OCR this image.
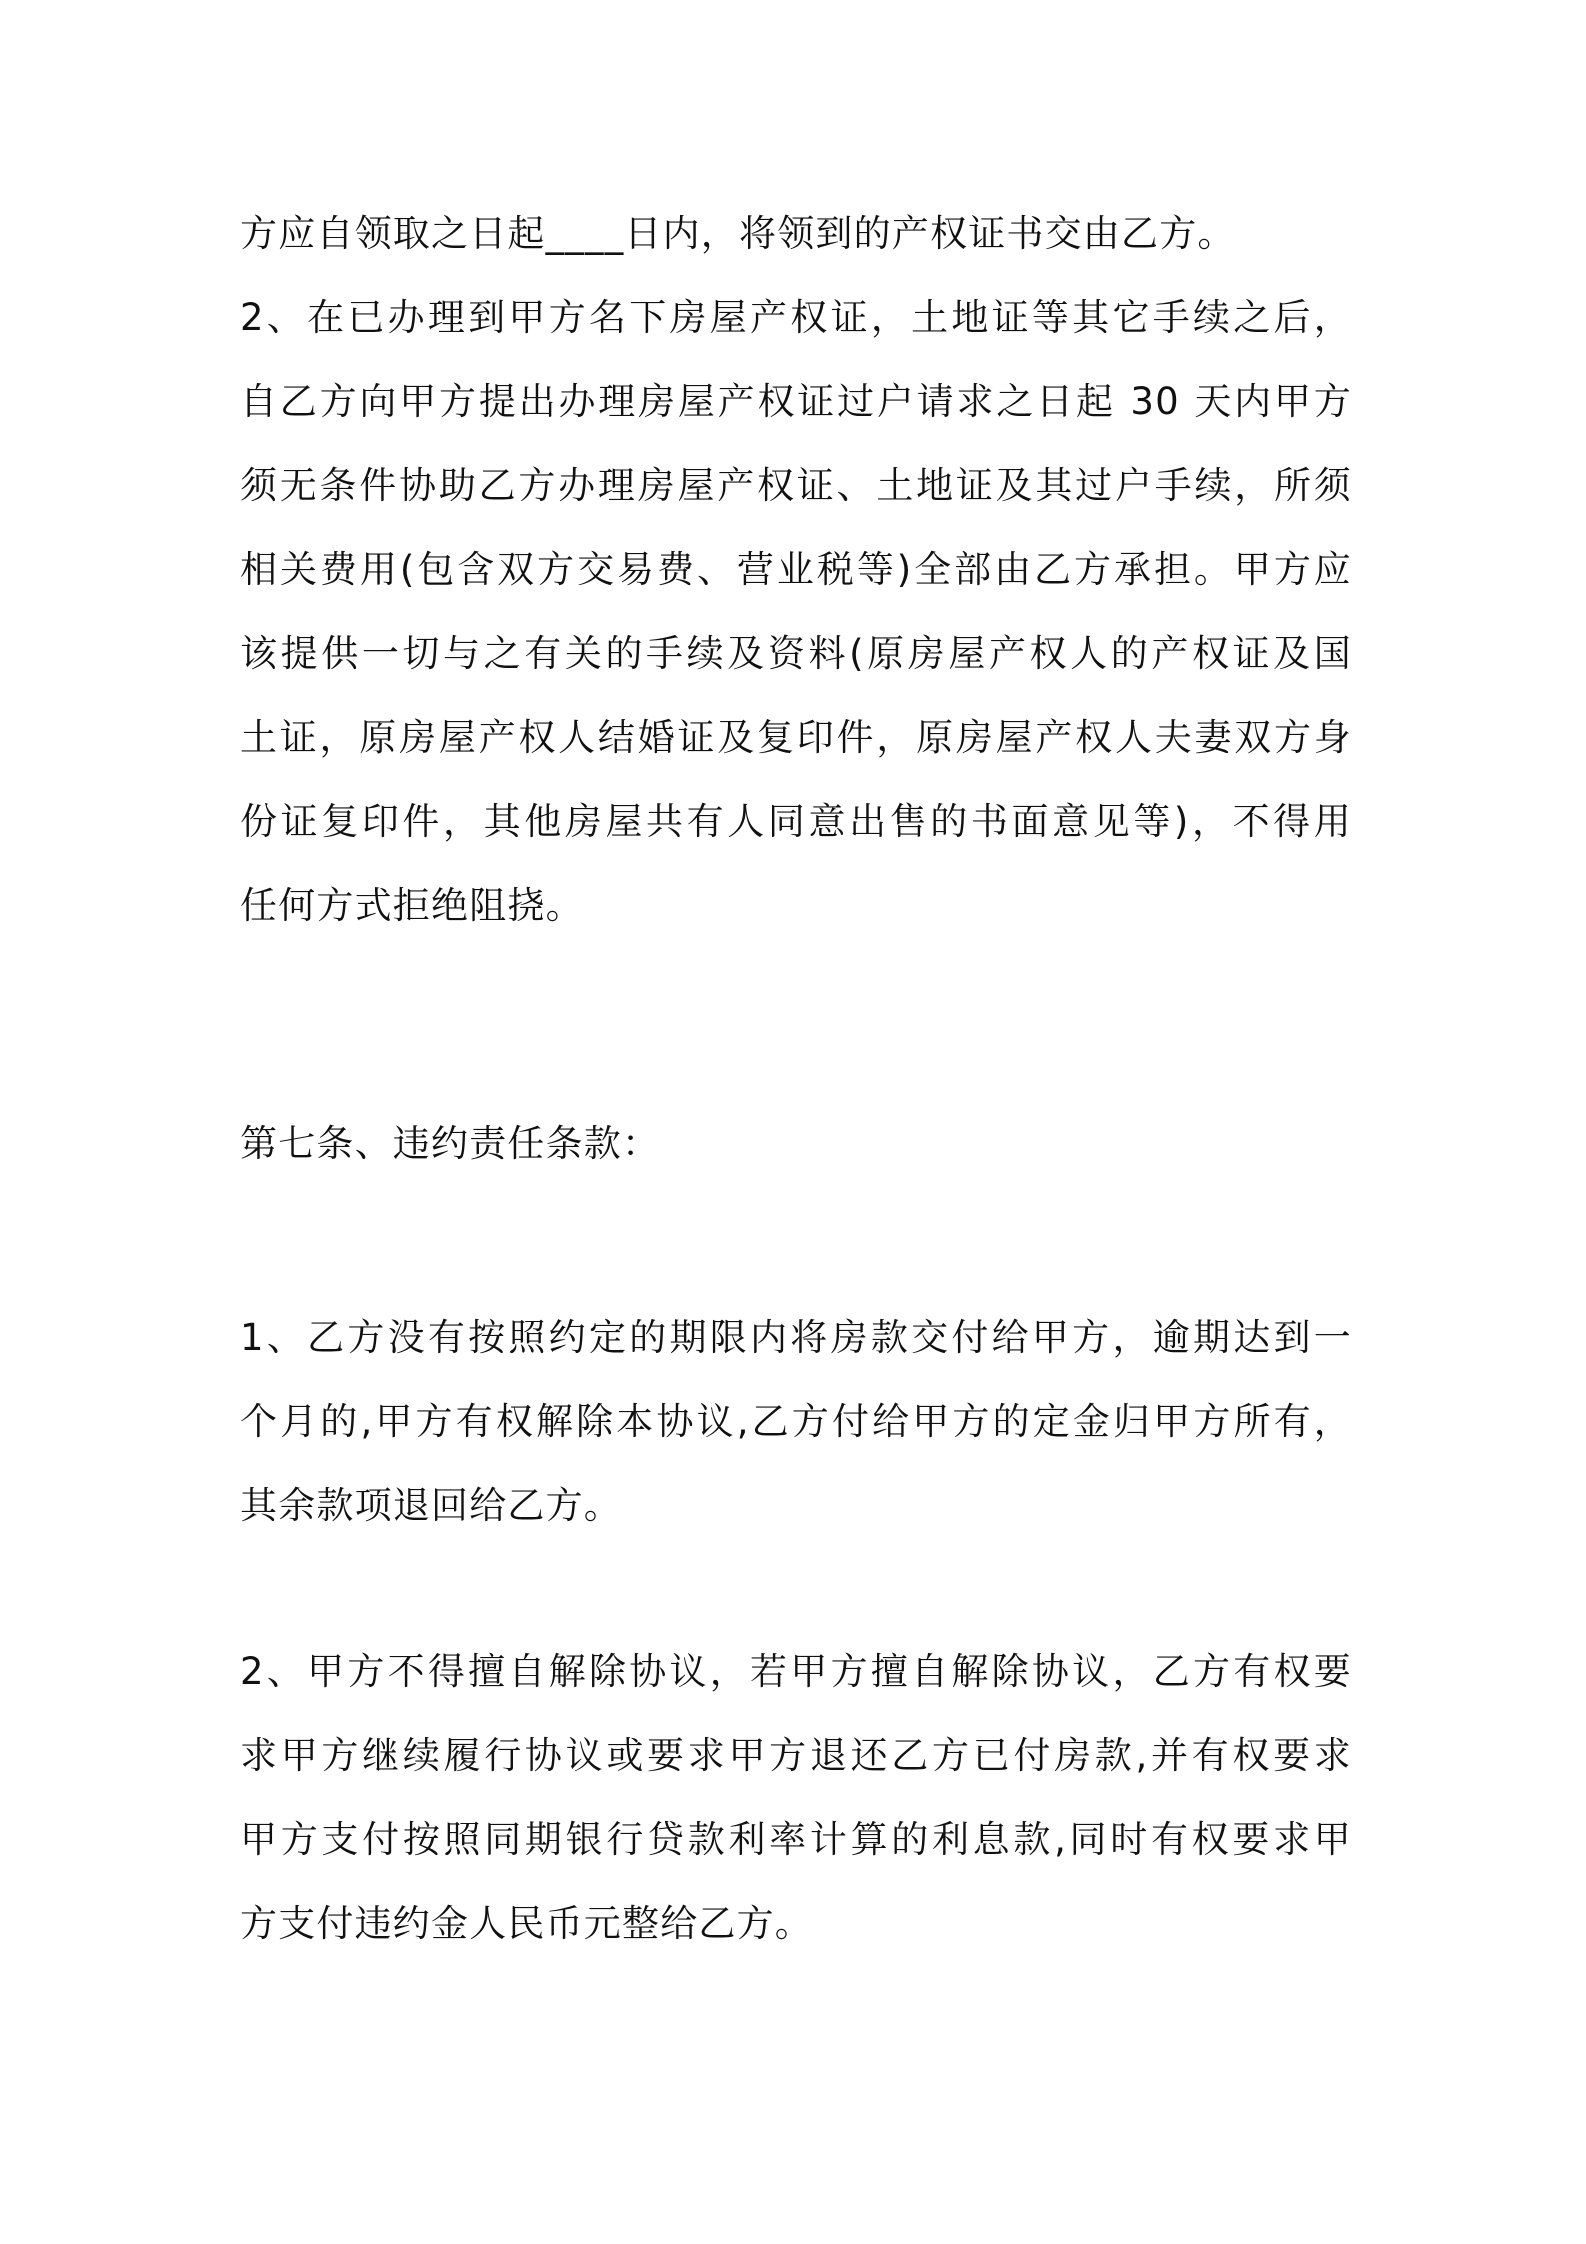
方应自领取之日起____日内，将领到的产权证书交由乙方。

2、在已办理到甲方名下房屋产权证，土地证等其它手续之后，
自乙方向甲方提出办理房屋产权证过户请求之日起 30 天内甲方
须无条件协助乙方办理房屋产权证、土地证及其过户手续，所须
相关费用(包含双方交易费、营业税等)全部由乙方承担。甲方应
该提供一切与之有关的手续及资料(原房屋产权人的产权证及国
土证，原房屋产权人结婚证及复印件，原房屋产权人夫妻双方身
份证复印件，其他房屋共有人同意出售的书面意见等)，不得用
任何方式拒绝阻挠。

第七条、违约责任条款：

1、乙方没有按照约定的期限内将房款交付给甲方，逾期达到一
个月的,甲方有权解除本协议,乙方付给甲方的定金归甲方所有，
其余款项退回给乙方。

2、甲方不得擅自解除协议，若甲方擅自解除协议，乙方有权要
求甲方继续履行协议或要求甲方退还乙方已付房款,并有权要求
甲方支付按照同期银行贷款利率计算的利息款,同时有权要求甲
方支付违约金人民币元整给乙方。
